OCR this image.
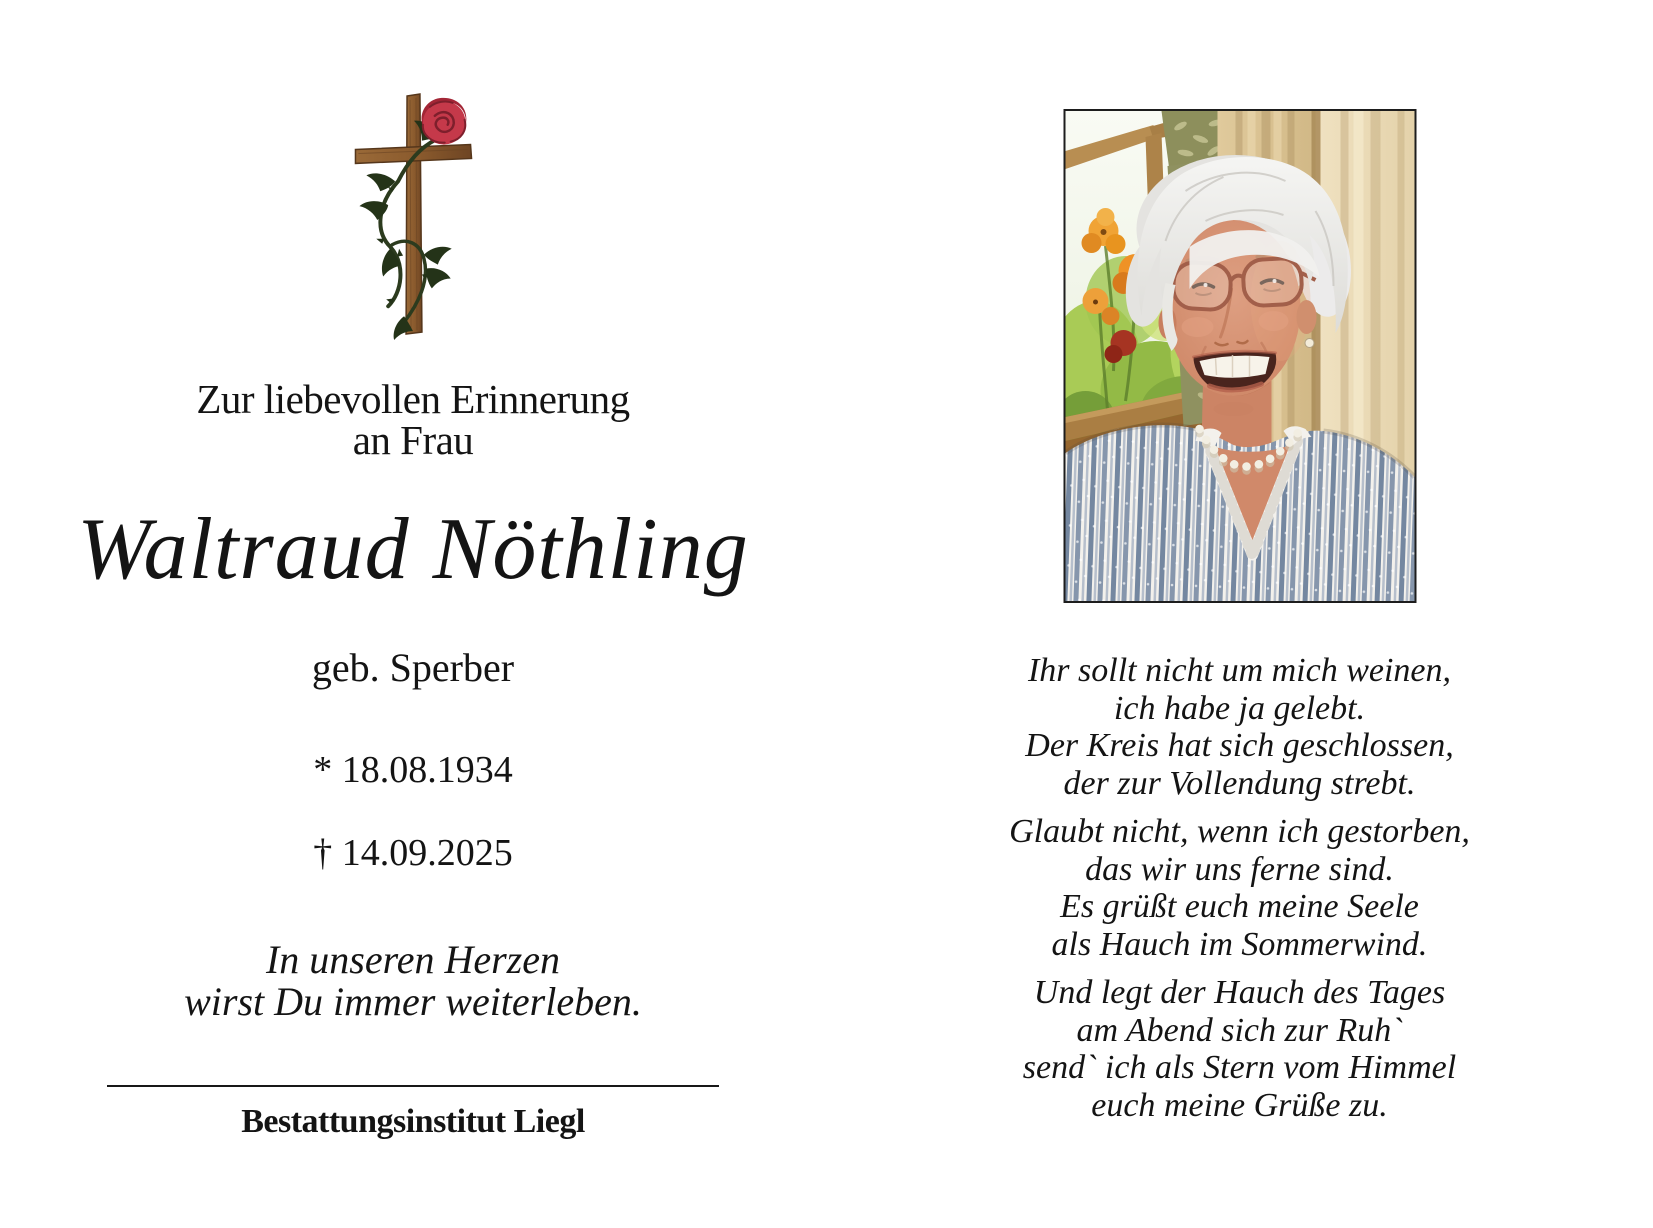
Zur liebevollen Erinnerung
an Frau
Waltraud Nöthling
geb. Sperber
* 18.08.1934
† 14.09.2025
In unseren Herzen
wirst Du immer weiterleben.
Bestattungsinstitut Liegl
Ihr sollt nicht um mich weinen,
ich habe ja gelebt.
Der Kreis hat sich geschlossen,
der zur Vollendung strebt.
Glaubt nicht, wenn ich gestorben,
das wir uns ferne sind.
Es grüßt euch meine Seele
als Hauch im Sommerwind.
Und legt der Hauch des Tages
am Abend sich zur Ruh`
send` ich als Stern vom Himmel
euch meine Grüße zu.
